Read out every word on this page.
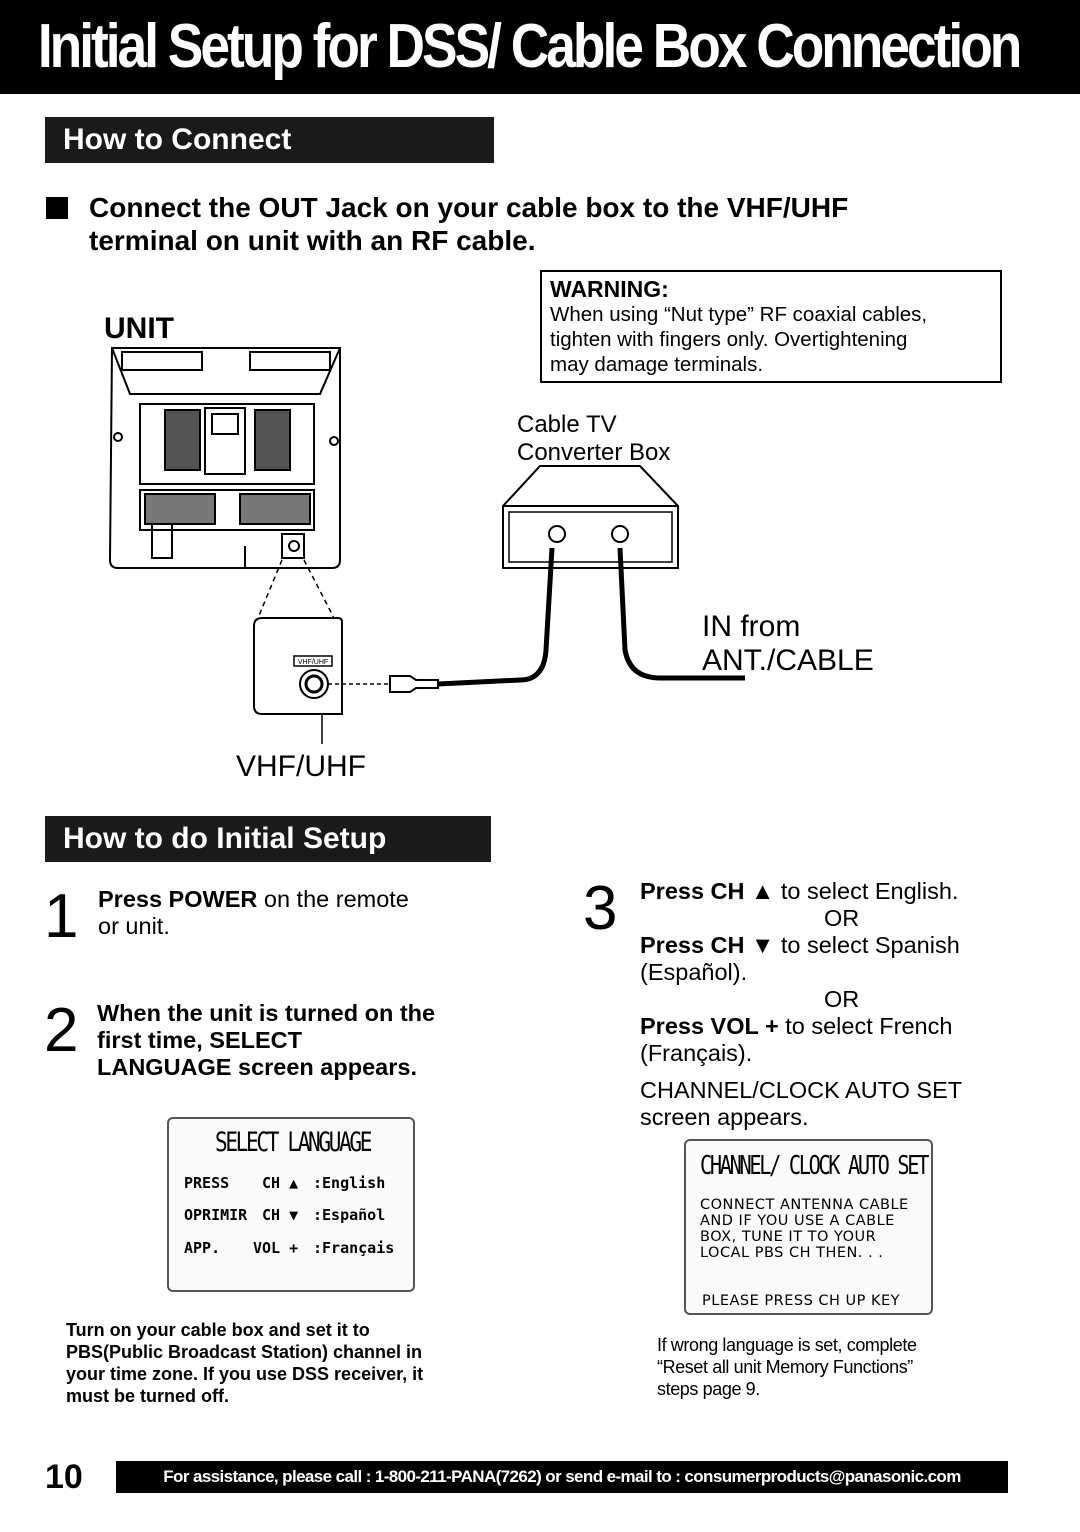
Initial Setup for DSS/ Cable Box Connection
How to Connect
Connect the OUT Jack on your cable box to the VHF/UHF
terminal on unit with an RF cable.
WARNING:
When using “Nut type” RF coaxial cables,
tighten with fingers only. Overtightening
may damage terminals.
UNIT
Cable TV
Converter Box
IN from
ANT./CABLE
VHF/UHF
VHF/UHF
How to do Initial Setup
1 Press POWER on the remote
or unit.
2 When the unit is turned on the
first time, SELECT
LANGUAGE screen appears.
SELECT LANGUAGE
PRESS CH ▲ :English
OPRIMIR CH ▼ :Español
APP. VOL + :Français
Turn on your cable box and set it to
PBS(Public Broadcast Station) channel in
your time zone. If you use DSS receiver, it
must be turned off.
3 Press CH ▲ to select English.
OR
Press CH ▼ to select Spanish
(Español).
OR
Press VOL + to select French
(Français).
CHANNEL/CLOCK AUTO SET
screen appears.
CHANNEL/ CLOCK AUTO SET
CONNECT ANTENNA CABLE
AND IF YOU USE A CABLE
BOX, TUNE IT TO YOUR
LOCAL PBS CH THEN. . .
PLEASE PRESS CH UP KEY
If wrong language is set, complete
“Reset all unit Memory Functions”
steps page 9.
10	For assistance, please call : 1-800-211-PANA(7262) or send e-mail to : consumerproducts@panasonic.com
